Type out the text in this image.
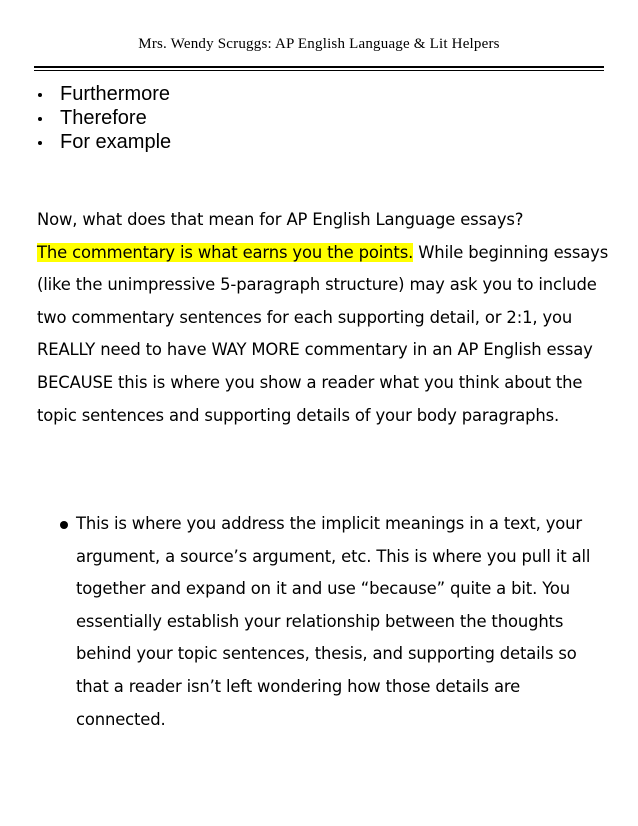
Mrs. Wendy Scruggs: AP English Language & Lit Helpers
Furthermore
Therefore
For example
Now, what does that mean for AP English Language essays?
The commentary is what earns you the points. While beginning essays (like the unimpressive 5-paragraph structure) may ask you to include two commentary sentences for each supporting detail, or 2:1, you REALLY need to have WAY MORE commentary in an AP English essay BECAUSE this is where you show a reader what you think about the topic sentences and supporting details of your body paragraphs.
This is where you address the implicit meanings in a text, your argument, a source’s argument, etc. This is where you pull it all together and expand on it and use “because” quite a bit. You essentially establish your relationship between the thoughts behind your topic sentences, thesis, and supporting details so that a reader isn’t left wondering how those details are connected.
